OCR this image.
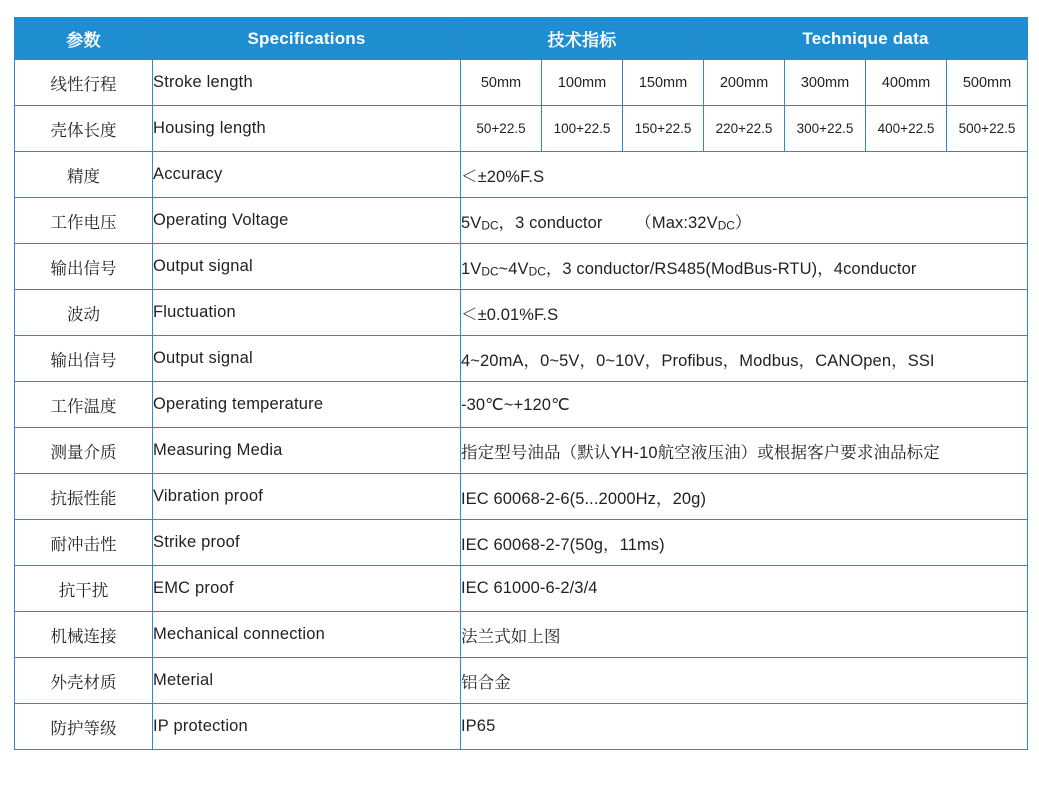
参数	Specifications	技术指标			Technique data			
线性行程	Stroke length	50mm	100mm	150mm	200mm	300mm	400mm	500mm
壳体长度	Housing length	50+22.5	100+22.5	150+22.5	220+22.5	300+22.5	400+22.5	500+22.5
精度	Accuracy	＜±20%F.S						
工作电压	Operating Voltage	5VDC，3 conductor       （Max:32VDC）						
输出信号	Output signal	1VDC~4VDC，3 conductor/RS485(ModBus-RTU)，4conductor						
波动	Fluctuation	＜±0.01%F.S						
输出信号	Output signal	4~20mA，0~5V，0~10V，Profibus，Modbus，CANOpen，SSI						
工作温度	Operating temperature	-30℃~+120℃						
测量介质	Measuring Media	指定型号油品（默认YH-10航空液压油）或根据客户要求油品标定						
抗振性能	Vibration proof	IEC 60068-2-6(5...2000Hz，20g)						
耐冲击性	Strike proof	IEC 60068-2-7(50g，11ms)						
抗干扰	EMC proof	IEC 61000-6-2/3/4						
机械连接	Mechanical connection	法兰式如上图						
外壳材质	Meterial	铝合金						
防护等级	IP protection	IP65						
